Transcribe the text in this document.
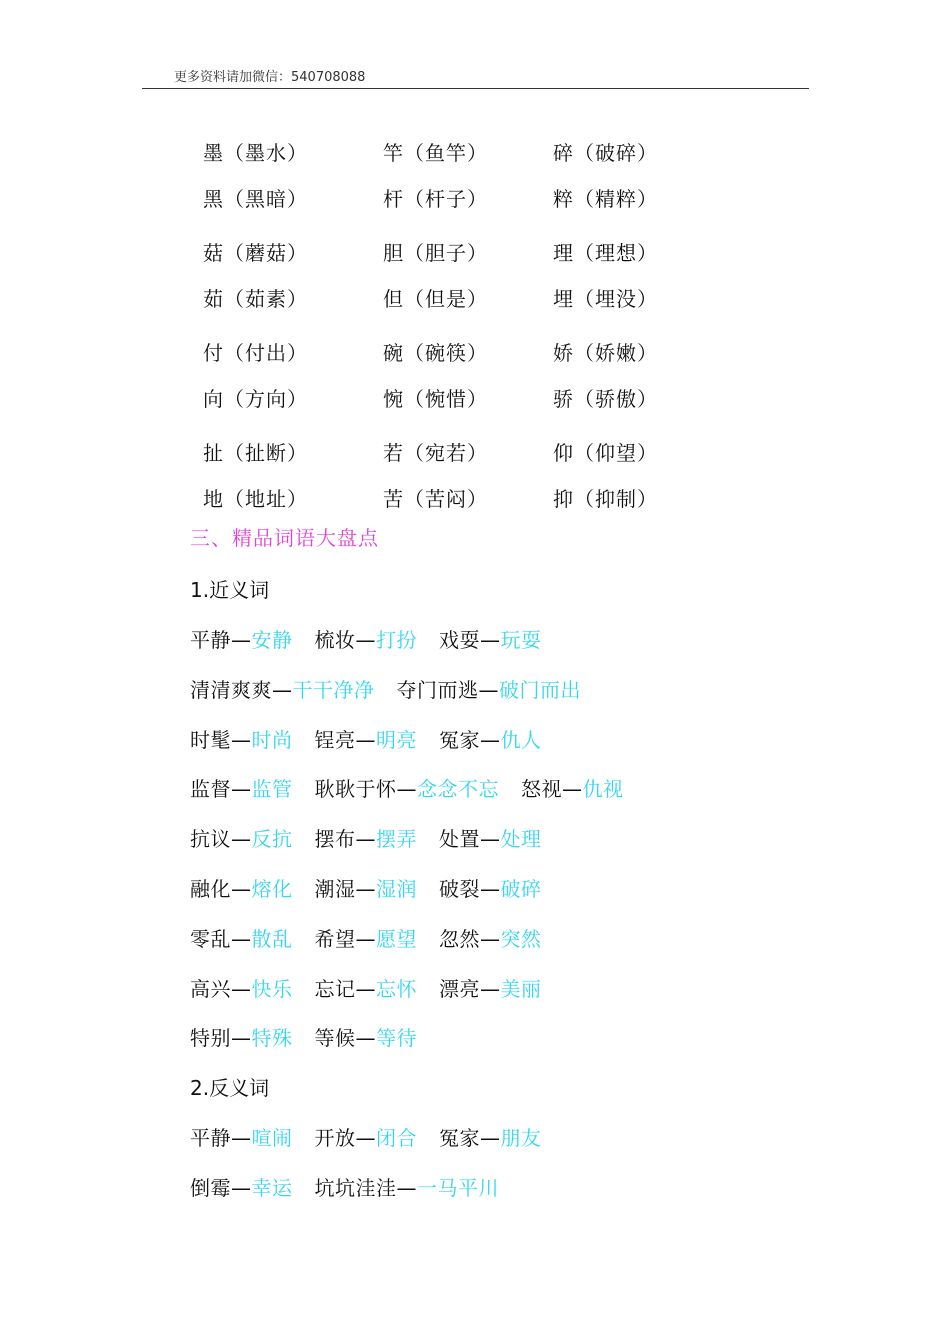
更多资料请加微信：540708088
墨（墨水）	竿（鱼竿）	碎（破碎）
黑（黑暗）	杆（杆子）	粹（精粹）
菇（蘑菇）	胆（胆子）	理（理想）
茹（茹素）	但（但是）	埋（埋没）
付（付出）	碗（碗筷）	娇（娇嫩）
向（方向）	惋（惋惜）	骄（骄傲）
扯（扯断）	若（宛若）	仰（仰望）
地（地址）	苦（苦闷）	抑（抑制）
三、精品词语大盘点
1.近义词
平静—安静 梳妆—打扮 戏耍—玩耍
清清爽爽—干干净净 夺门而逃—破门而出
时髦—时尚 锃亮—明亮 冤家—仇人
监督—监管 耿耿于怀—念念不忘 怒视—仇视
抗议—反抗 摆布—摆弄 处置—处理
融化—熔化 潮湿—湿润 破裂—破碎
零乱—散乱 希望—愿望 忽然—突然
高兴—快乐 忘记—忘怀 漂亮—美丽
特别—特殊 等候—等待
2.反义词
平静—喧闹 开放—闭合 冤家—朋友
倒霉—幸运 坑坑洼洼—一马平川
